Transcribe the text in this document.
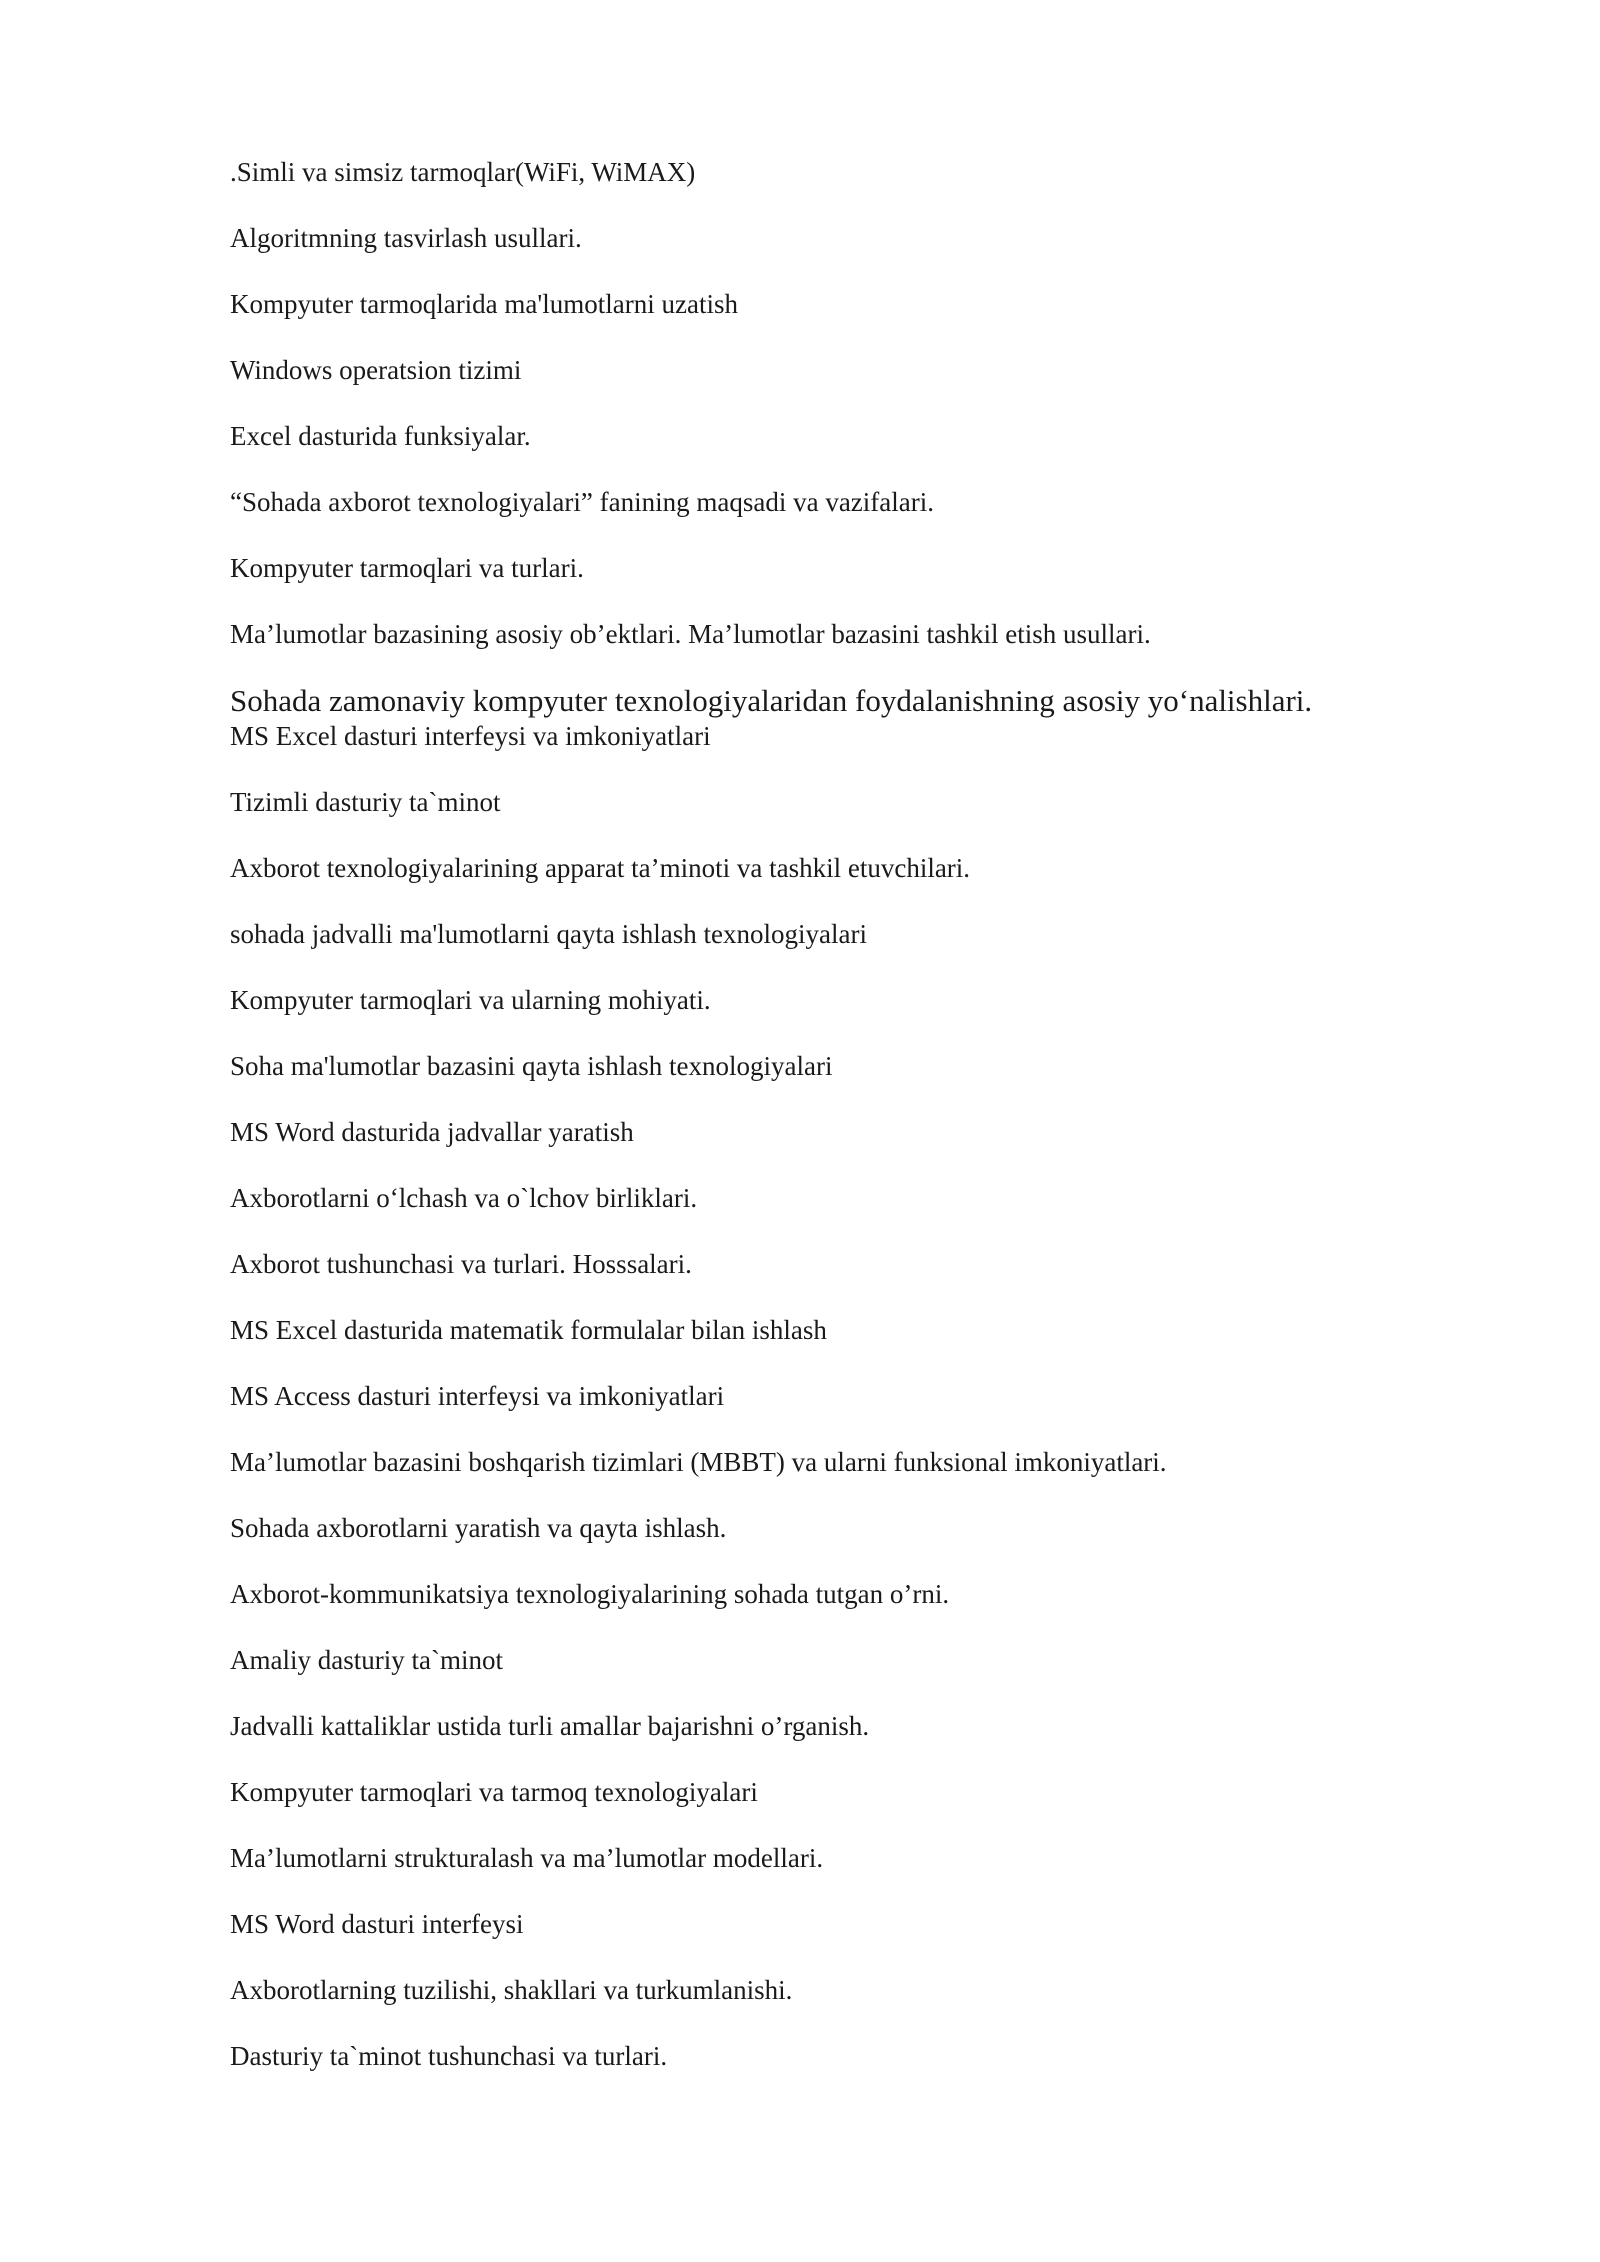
.Simli va simsiz tarmoqlar(WiFi, WiMAX)
Algoritmning tasvirlash usullari.
Kompyuter tarmoqlarida ma'lumotlarni uzatish
Windows operatsion tizimi
Excel dasturida funksiyalar.
“Sohada axborot texnologiyalari” fanining maqsadi va vazifalari.
Kompyuter tarmoqlari va turlari.
Ma’lumotlar bazasining asosiy ob’ektlari. Ma’lumotlar bazasini tashkil etish usullari.
Sohada zamonaviy kompyuter texnologiyalaridan foydalanishning asosiy yo‘nalishlari.
MS Excel dasturi interfeysi va imkoniyatlari
Tizimli dasturiy ta`minot
Axborot texnologiyalarining apparat ta’minoti va tashkil etuvchilari.
sohada jadvalli ma'lumotlarni qayta ishlash texnologiyalari
Kompyuter tarmoqlari va ularning mohiyati.
Soha ma'lumotlar bazasini qayta ishlash texnologiyalari
MS Word dasturida jadvallar yaratish
Axborotlarni o‘lchash va o`lchov birliklari.
Axborot tushunchasi va turlari. Hosssalari.
MS Excel dasturida matematik formulalar bilan ishlash
MS Access dasturi interfeysi va imkoniyatlari
Ma’lumotlar bazasini boshqarish tizimlari (MBBT) va ularni funksional imkoniyatlari.
Sohada axborotlarni yaratish va qayta ishlash.
Axborot-kommunikatsiya texnologiyalarining sohada tutgan o’rni.
Amaliy dasturiy ta`minot
Jadvalli kattaliklar ustida turli amallar bajarishni o’rganish.
Kompyuter tarmoqlari va tarmoq texnologiyalari
Ma’lumotlarni strukturalash va ma’lumotlar modellari.
MS Word dasturi interfeysi
Axborotlarning tuzilishi, shakllari va turkumlanishi.
Dasturiy ta`minot tushunchasi va turlari.
